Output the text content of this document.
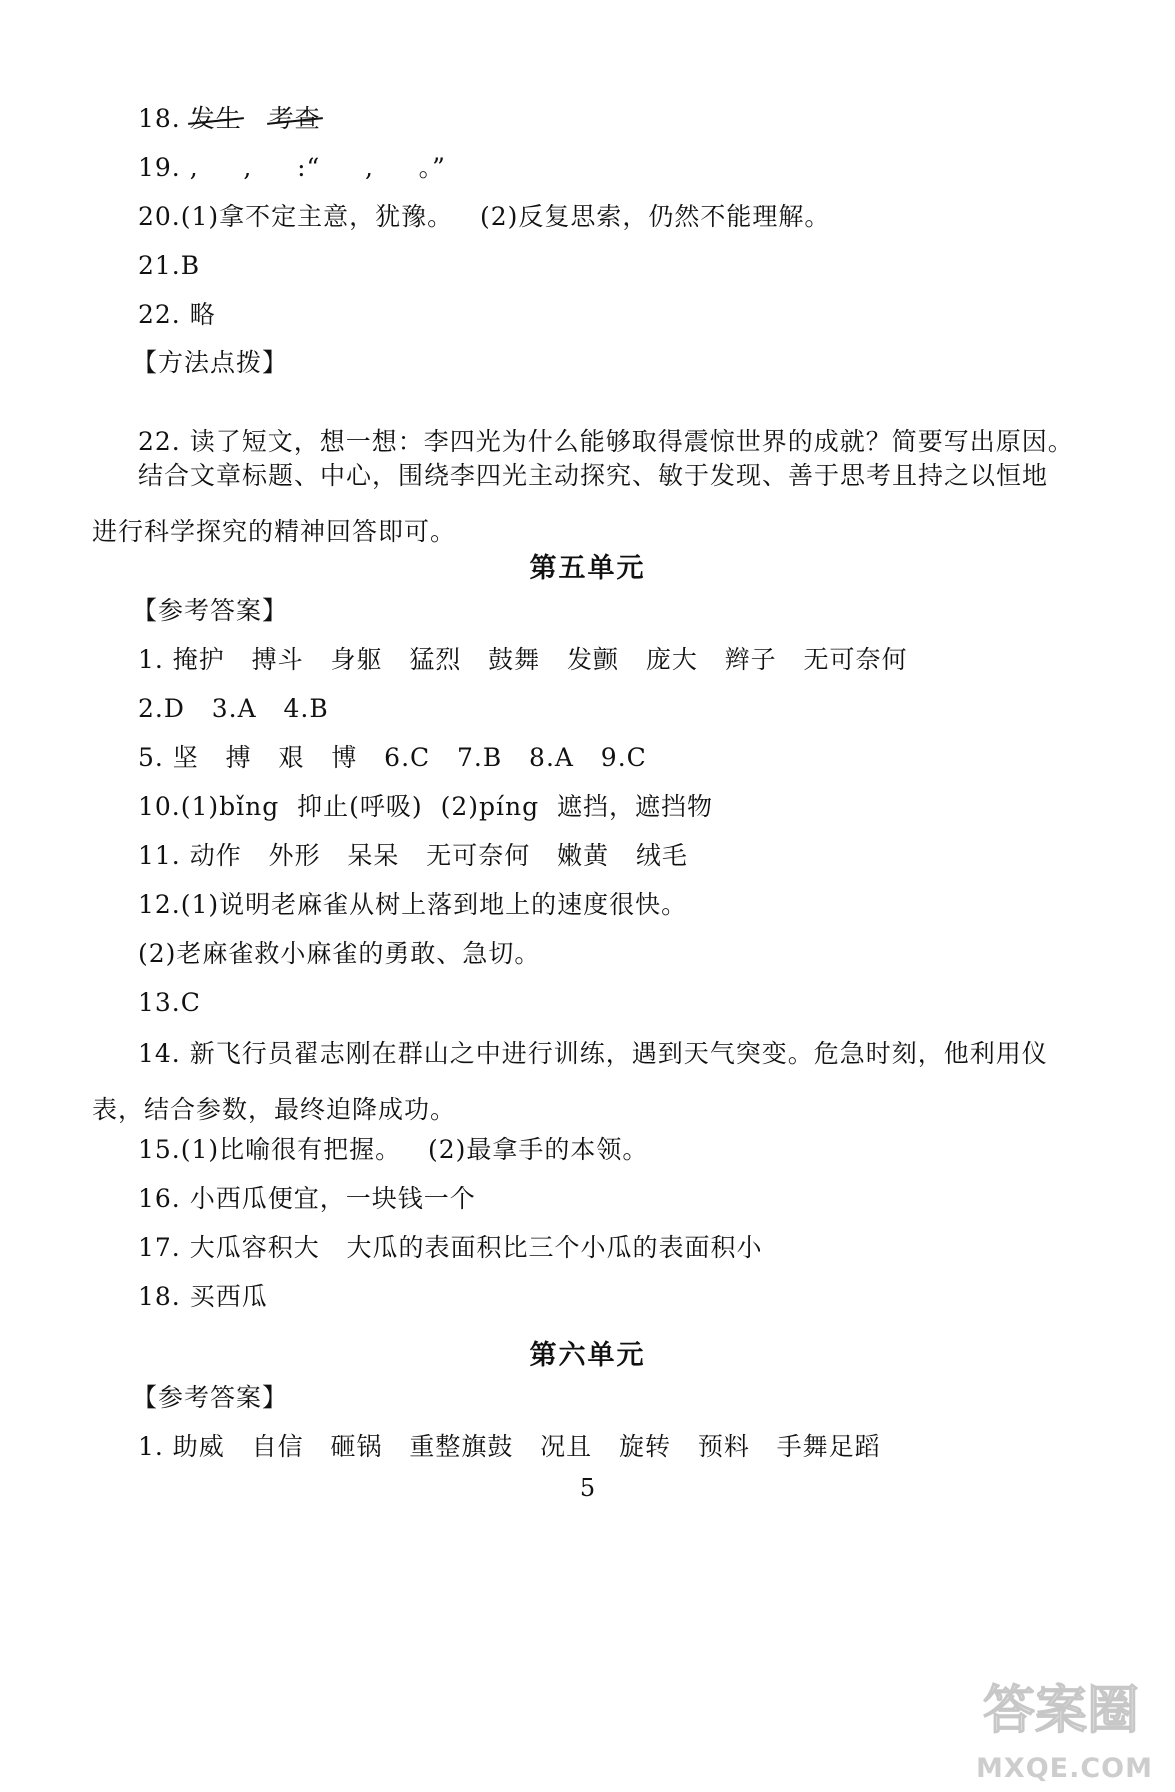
18. 发生 考查
19. ,     ,     :“     ,     。”
20.(1)拿不定主意，犹豫。   (2)反复思索，仍然不能理解。
21.B
22. 略
【方法点拨】
22. 读了短文，想一想：李四光为什么能够取得震惊世界的成就？简要写出原因。
结合文章标题、中心，围绕李四光主动探究、敏于发现、善于思考且持之以恒地进行科学探究的精神回答即可。
第五单元
【参考答案】
1. 掩护   搏斗   身躯   猛烈   鼓舞   发颤   庞大   辫子   无可奈何
2.D   3.A   4.B
5. 坚   搏   艰   博   6.C   7.B   8.A   9.C
10.(1)bǐng  抑止(呼吸)  (2)píng  遮挡，遮挡物
11. 动作   外形   呆呆   无可奈何   嫩黄   绒毛
12.(1)说明老麻雀从树上落到地上的速度很快。
(2)老麻雀救小麻雀的勇敢、急切。
13.C
14. 新飞行员翟志刚在群山之中进行训练，遇到天气突变。危急时刻，他利用仪表，结合参数，最终迫降成功。
15.(1)比喻很有把握。   (2)最拿手的本领。
16. 小西瓜便宜，一块钱一个
17. 大瓜容积大   大瓜的表面积比三个小瓜的表面积小
18. 买西瓜
第六单元
【参考答案】
1. 助威   自信   砸锅   重整旗鼓   况且   旋转   预料   手舞足蹈
5
答案圈
MXQE.COM
